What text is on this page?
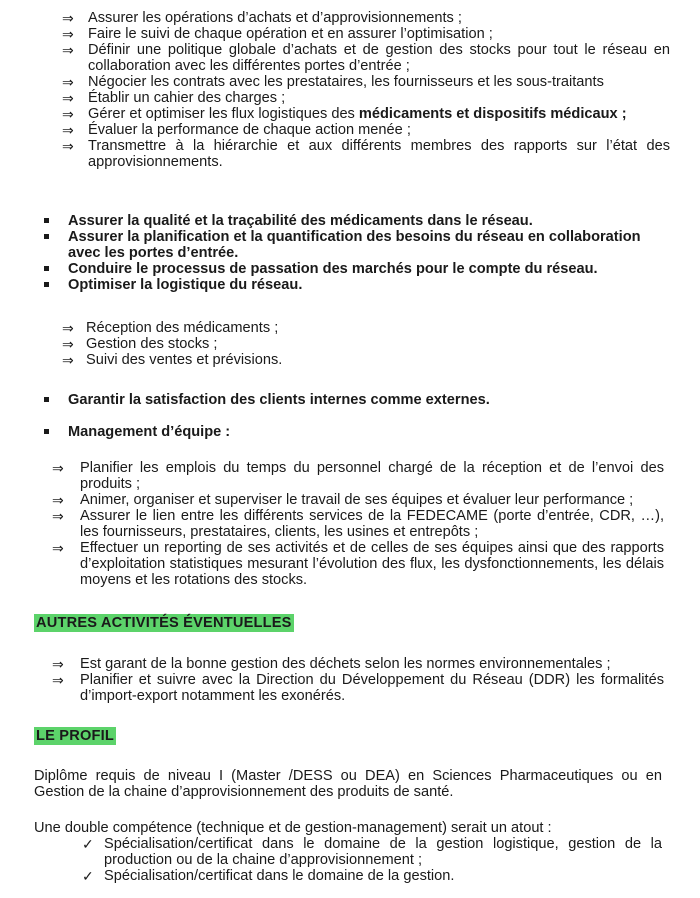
⇒ Assurer les opérations d’achats et d’approvisionnements ;
⇒ Faire le suivi de chaque opération et en assurer l’optimisation ;
⇒ Définir une politique globale d’achats et de gestion des stocks pour tout le réseau en collaboration avec les différentes portes d’entrée ;
⇒ Négocier les contrats avec les prestataires, les fournisseurs et les sous-traitants
⇒ Établir un cahier des charges ;
⇒ Gérer et optimiser les flux logistiques des médicaments et dispositifs médicaux ;
⇒ Évaluer la performance de chaque action menée ;
⇒ Transmettre à la hiérarchie et aux différents membres des rapports sur l’état des approvisionnements.
Assurer la qualité et la traçabilité des médicaments dans le réseau.
Assurer la planification et la quantification des besoins du réseau en collaboration avec les portes d’entrée.
Conduire le processus de passation des marchés pour le compte du réseau.
Optimiser la logistique du réseau.
⇒ Réception des médicaments ;
⇒ Gestion des stocks ;
⇒ Suivi des ventes et prévisions.
Garantir la satisfaction des clients internes comme externes.
Management d’équipe :
⇒ Planifier les emplois du temps du personnel chargé de la réception et de l’envoi des produits ;
⇒ Animer, organiser et superviser le travail de ses équipes et évaluer leur performance ;
⇒ Assurer le lien entre les différents services de la FEDECAME (porte d’entrée, CDR, …), les fournisseurs, prestataires, clients, les usines et entrepôts ;
⇒ Effectuer un reporting de ses activités et de celles de ses équipes ainsi que des rapports d’exploitation statistiques mesurant l’évolution des flux, les dysfonctionnements, les délais moyens et les rotations des stocks.
AUTRES ACTIVITÉS ÉVENTUELLES
⇒ Est garant de la bonne gestion des déchets selon les normes environnementales ;
⇒ Planifier et suivre avec la Direction du Développement du Réseau (DDR) les formalités d’import-export notamment les exonérés.
LE PROFIL

Diplôme requis de niveau I (Master /DESS ou DEA) en Sciences Pharmaceutiques ou en Gestion de la chaine d’approvisionnement des produits de santé.

Une double compétence (technique et de gestion-management) serait un atout :

✓ Spécialisation/certificat dans le domaine de la gestion logistique, gestion de la production ou de la chaine d’approvisionnement ;
✓ Spécialisation/certificat dans le domaine de la gestion.
